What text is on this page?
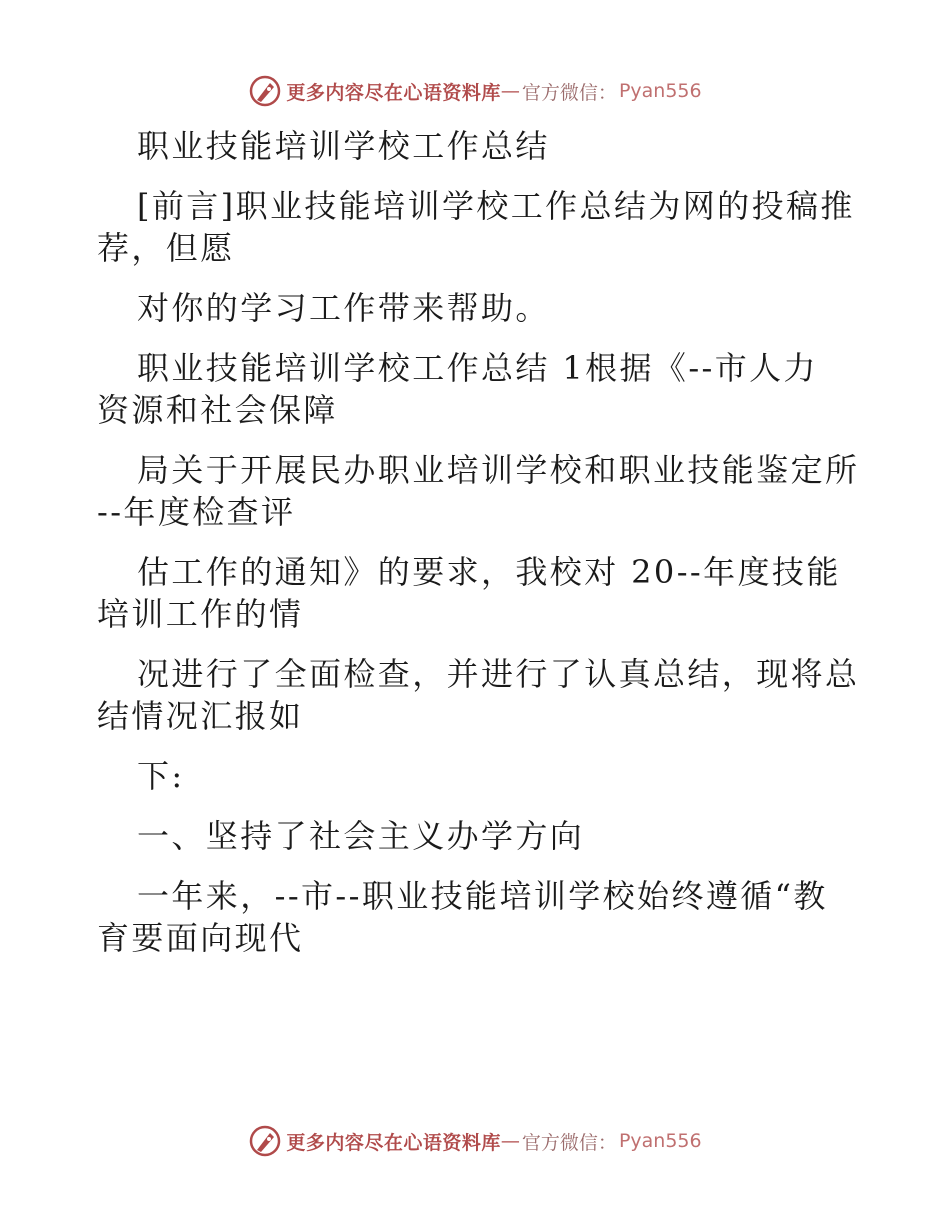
更多内容尽在心语资料库 — 官方微信： Pyan556
职业技能培训学校工作总结
[前言]职业技能培训学校工作总结为网的投稿推
荐，但愿
对你的学习工作带来帮助。
职业技能培训学校工作总结 1根据《--市人力
资源和社会保障
局关于开展民办职业培训学校和职业技能鉴定所
--年度检查评
估工作的通知》的要求，我校对 20--年度技能
培训工作的情
况进行了全面检查，并进行了认真总结，现将总
结情况汇报如
下:
一、坚持了社会主义办学方向
一年来，--市--职业技能培训学校始终遵循“教
育要面向现代
更多内容尽在心语资料库 — 官方微信： Pyan556
